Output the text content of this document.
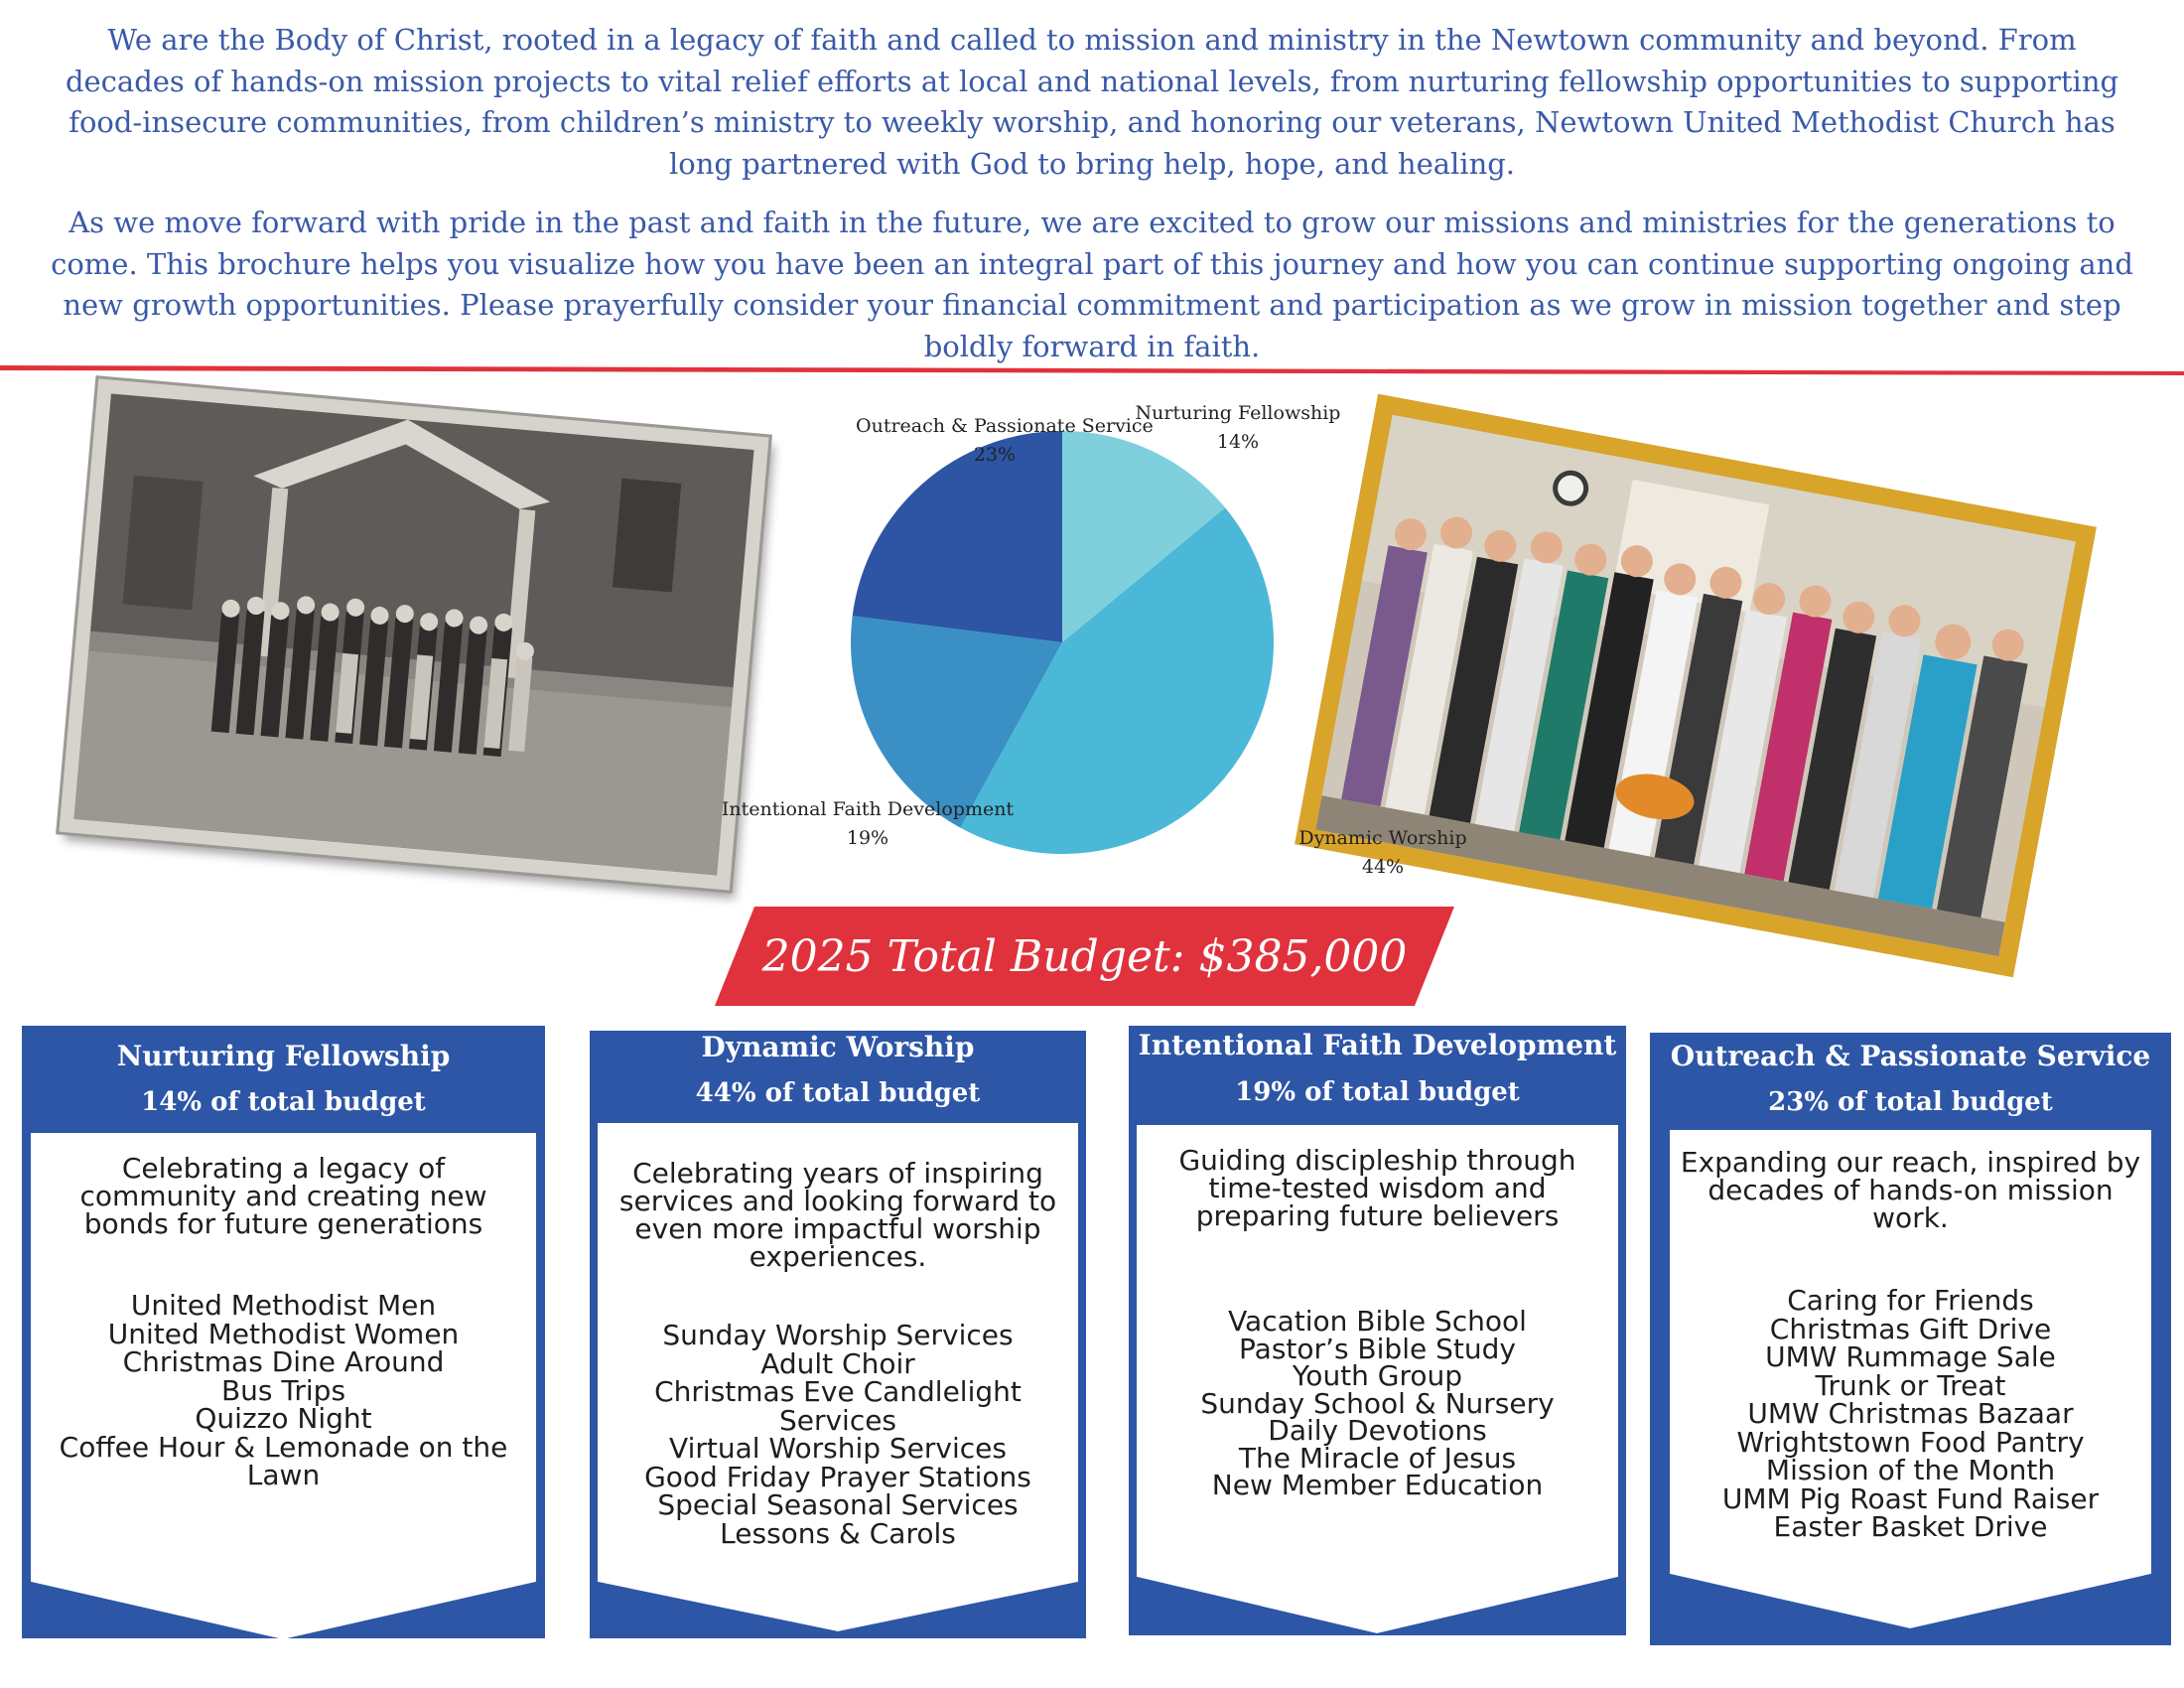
We are the Body of Christ, rooted in a legacy of faith and called to mission and ministry in the Newtown community and beyond. From decades of hands-on mission projects to vital relief efforts at local and national levels, from nurturing fellowship opportunities to supporting food-insecure communities, from children’s ministry to weekly worship, and honoring our veterans, Newtown United Methodist Church has long partnered with God to bring help, hope, and healing.

As we move forward with pride in the past and faith in the future, we are excited to grow our missions and ministries for the generations to come. This brochure helps you visualize how you have been an integral part of this journey and how you can continue supporting ongoing and new growth opportunities. Please prayerfully consider your financial commitment and participation as we grow in mission together and step boldly forward in faith.

Outreach & Passionate Service
23%
Nurturing Fellowship
14%
Intentional Faith Development
19%	Dynamic Worship
44%
2025 Total Budget: $385,000
Nurturing Fellowship
14% of total budget
Celebrating a legacy of community and creating new bonds for future generations
United Methodist Men
United Methodist Women
Christmas Dine Around
Bus Trips
Quizzo Night
Coffee Hour & Lemonade on the Lawn
Dynamic Worship
44% of total budget
Celebrating years of inspiring services and looking forward to even more impactful worship experiences.
Sunday Worship Services
Adult Choir
Christmas Eve Candlelight Services
Virtual Worship Services
Good Friday Prayer Stations
Special Seasonal Services
Lessons & Carols
Intentional Faith Development
19% of total budget
Guiding discipleship through time-tested wisdom and preparing future believers
Vacation Bible School
Pastor’s Bible Study
Youth Group
Sunday School & Nursery
Daily Devotions
The Miracle of Jesus
New Member Education
Outreach & Passionate Service
23% of total budget
Expanding our reach, inspired by decades of hands-on mission work.
Caring for Friends
Christmas Gift Drive
UMW Rummage Sale
Trunk or Treat
UMW Christmas Bazaar
Wrightstown Food Pantry
Mission of the Month
UMM Pig Roast Fund Raiser
Easter Basket Drive
